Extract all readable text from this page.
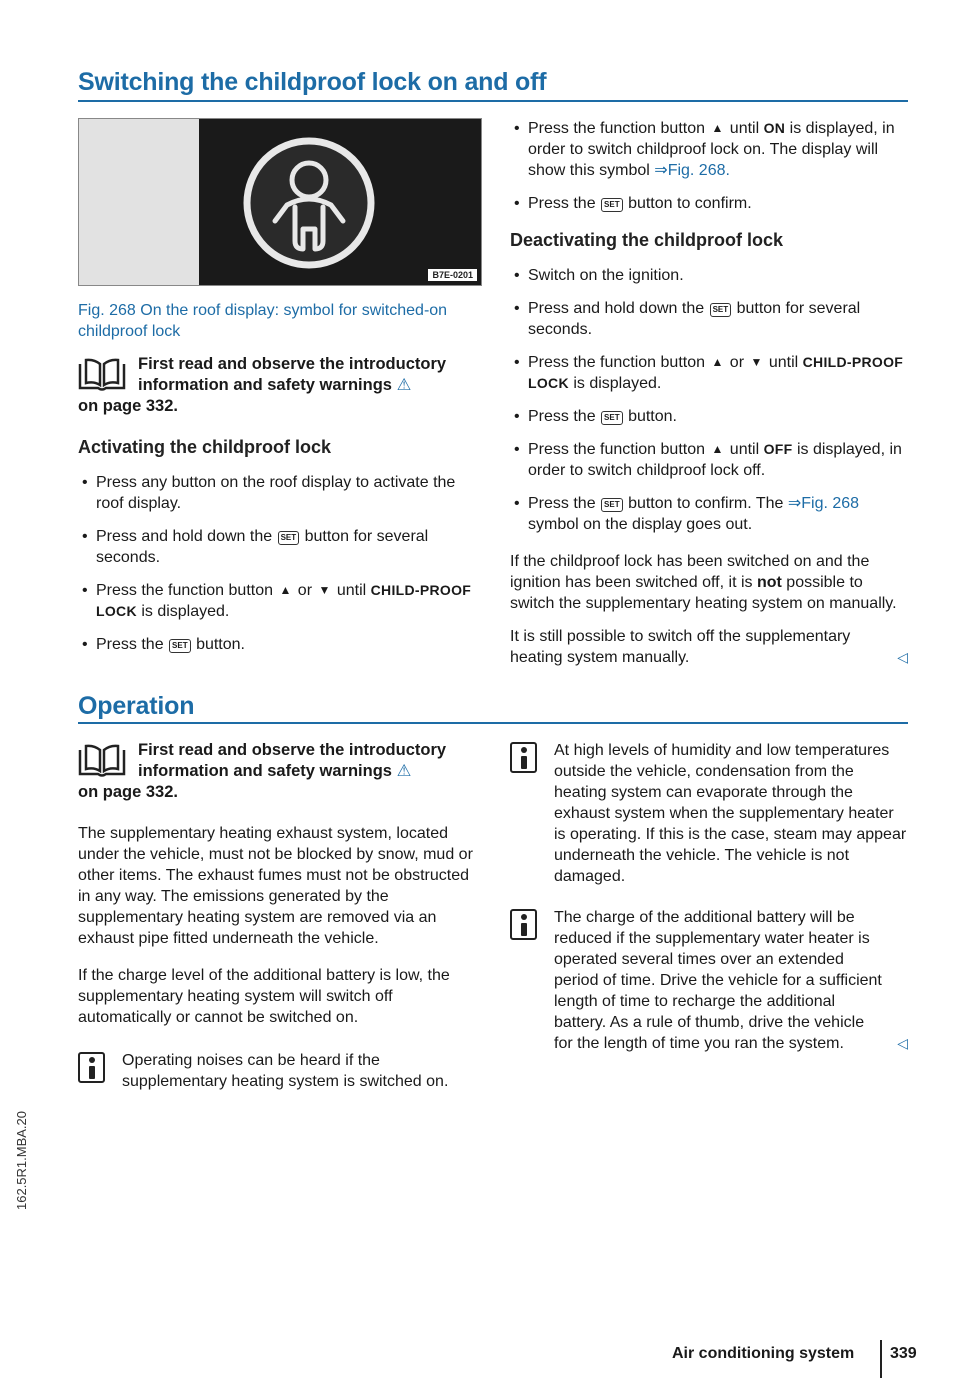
Switching the childproof lock on and off
B7E-0201

Fig. 268 On the roof display: symbol for switched-on childproof lock

First read and observe the introductory information and safety warnings ⚠
on page 332.
Activating the childproof lock
• Press any button on the roof display to activate the roof display.
• Press and hold down the SET button for several seconds.
• Press the function button ▲ or ▼ until CHILD-PROOF LOCK is displayed.
• Press the SET button.
• Press the function button ▲ until ON is displayed, in order to switch childproof lock on. The display will show this symbol ⇒Fig. 268.
• Press the SET button to confirm.
Deactivating the childproof lock
• Switch on the ignition.
• Press and hold down the SET button for several seconds.
• Press the function button ▲ or ▼ until CHILD-PROOF LOCK is displayed.
• Press the SET button.
• Press the function button ▲ until OFF is displayed, in order to switch childproof lock off.
• Press the SET button to confirm. The ⇒Fig. 268 symbol on the display goes out.

If the childproof lock has been switched on and the ignition has been switched off, it is not possible to switch the supplementary heating system on manually.

It is still possible to switch off the supplementary heating system manually.	◁

Operation
First read and observe the introductory information and safety warnings ⚠
on page 332.

The supplementary heating exhaust system, located under the vehicle, must not be blocked by snow, mud or other items. The exhaust fumes must not be obstructed in any way. The emissions generated by the supplementary heating system are removed via an exhaust pipe fitted underneath the vehicle.

If the charge level of the additional battery is low, the supplementary heating system will switch off automatically or cannot be switched on.

Operating noises can be heard if the supplementary heating system is switched on.
At high levels of humidity and low temperatures outside the vehicle, condensation from the heating system can evaporate through the exhaust system when the supplementary heater is operating. If this is the case, steam may appear underneath the vehicle. The vehicle is not damaged.
The charge of the additional battery will be reduced if the supplementary water heater is operated several times over an extended period of time. Drive the vehicle for a sufficient length of time to recharge the additional battery. As a rule of thumb, drive the vehicle for the length of time you ran the system.	◁
162.5R1.MBA.20
Air conditioning system 339
